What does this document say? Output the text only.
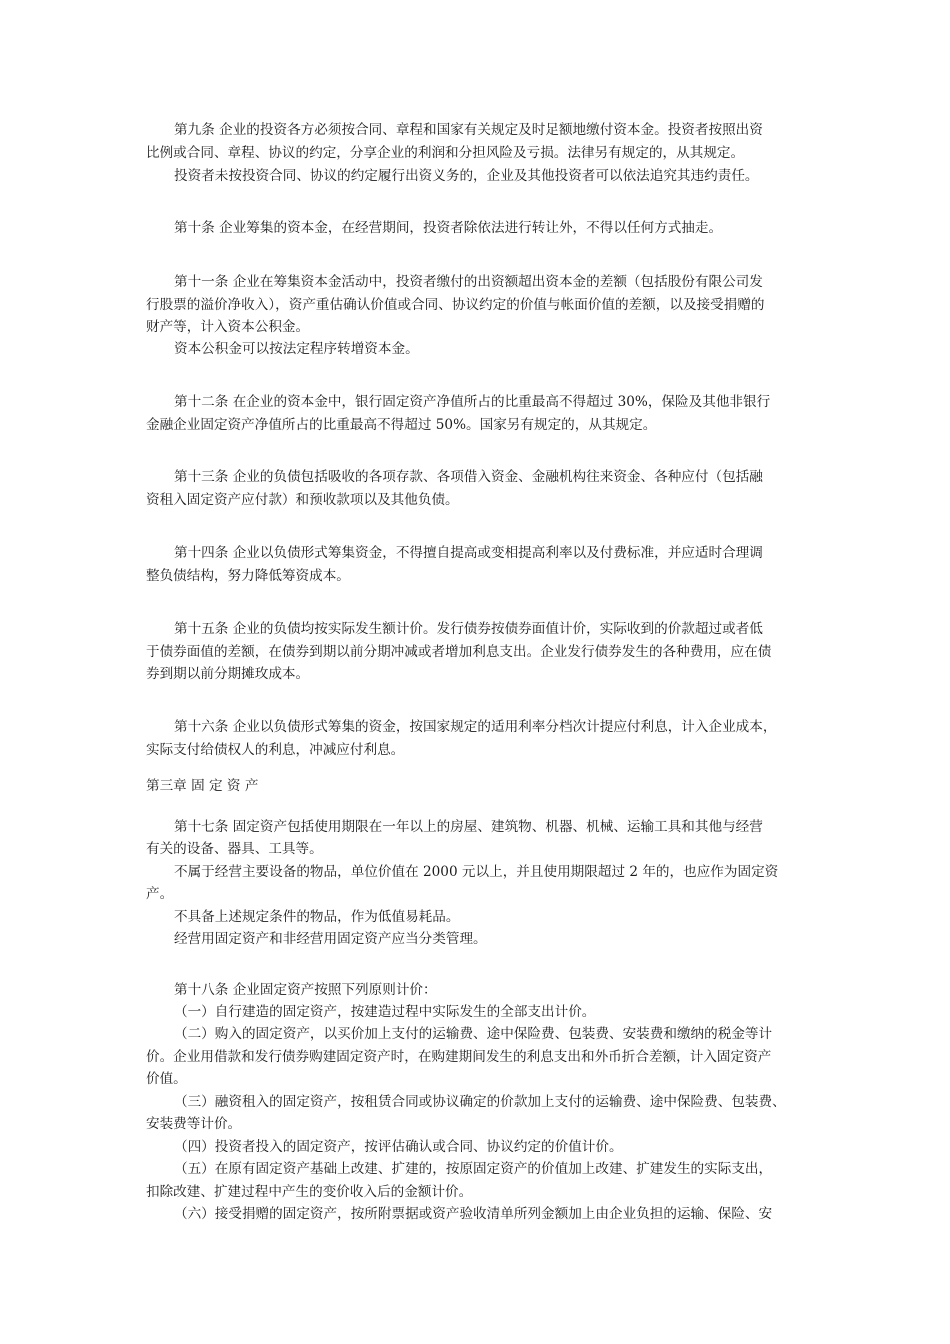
第九条 企业的投资各方必须按合同、章程和国家有关规定及时足额地缴付资本金。投资者按照出资
比例或合同、章程、协议的约定，分享企业的利润和分担风险及亏损。法律另有规定的，从其规定。
投资者未按投资合同、协议的约定履行出资义务的，企业及其他投资者可以依法追究其违约责任。
第十条 企业筹集的资本金，在经营期间，投资者除依法进行转让外，不得以任何方式抽走。
第十一条 企业在筹集资本金活动中，投资者缴付的出资额超出资本金的差额（包括股份有限公司发
行股票的溢价净收入），资产重估确认价值或合同、协议约定的价值与帐面价值的差额，以及接受捐赠的
财产等，计入资本公积金。
资本公积金可以按法定程序转增资本金。
第十二条 在企业的资本金中，银行固定资产净值所占的比重最高不得超过 30%，保险及其他非银行
金融企业固定资产净值所占的比重最高不得超过 50%。国家另有规定的，从其规定。
第十三条 企业的负债包括吸收的各项存款、各项借入资金、金融机构往来资金、各种应付（包括融
资租入固定资产应付款）和预收款项以及其他负债。
第十四条 企业以负债形式筹集资金，不得擅自提高或变相提高利率以及付费标准，并应适时合理调
整负债结构，努力降低筹资成本。
第十五条 企业的负债均按实际发生额计价。发行债券按债券面值计价，实际收到的价款超过或者低
于债券面值的差额，在债券到期以前分期冲减或者增加利息支出。企业发行债券发生的各种费用，应在债
券到期以前分期摊玫成本。
第十六条 企业以负债形式筹集的资金，按国家规定的适用利率分档次计提应付利息，计入企业成本，
实际支付给债权人的利息，冲减应付利息。
第三章 固 定 资 产
第十七条 固定资产包括使用期限在一年以上的房屋、建筑物、机器、机械、运输工具和其他与经营
有关的设备、器具、工具等。
不属于经营主要设备的物品，单位价值在 2000 元以上，并且使用期限超过 2 年的，也应作为固定资
产。
不具备上述规定条件的物品，作为低值易耗品。
经营用固定资产和非经营用固定资产应当分类管理。
第十八条 企业固定资产按照下列原则计价：
（一）自行建造的固定资产，按建造过程中实际发生的全部支出计价。
（二）购入的固定资产，以买价加上支付的运输费、途中保险费、包装费、安装费和缴纳的税金等计
价。企业用借款和发行债券购建固定资产时，在购建期间发生的利息支出和外币折合差额，计入固定资产
价值。
（三）融资租入的固定资产，按租赁合同或协议确定的价款加上支付的运输费、途中保险费、包装费、
安装费等计价。
（四）投资者投入的固定资产，按评估确认或合同、协议约定的价值计价。
（五）在原有固定资产基础上改建、扩建的，按原固定资产的价值加上改建、扩建发生的实际支出，
扣除改建、扩建过程中产生的变价收入后的金额计价。
（六）接受捐赠的固定资产，按所附票据或资产验收清单所列金额加上由企业负担的运输、保险、安
